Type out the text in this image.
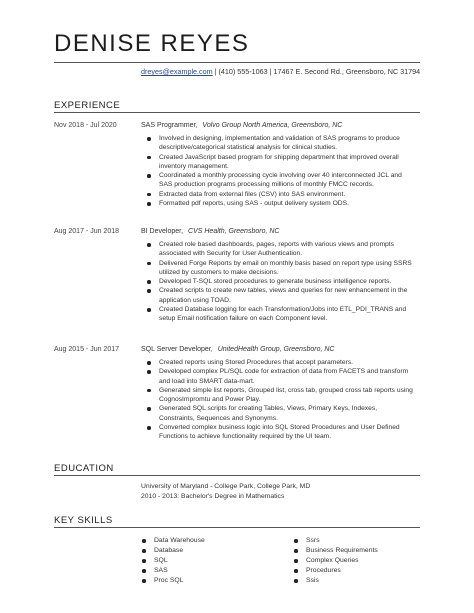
DENISE REYES
dreyes@example.com | (410) 555-1063 | 17467 E. Second Rd., Greensboro, NC 31794
EXPERIENCE
Nov 2018 - Jul 2020	SAS Programmer, Volvo Group North America, Greensboro, NC
Involved in designing, implementation and validation of SAS programs to produce descriptive/categorical statistical analysis for clinical studies.
Created JavaScript based program for shipping department that improved overall inventory management.
Coordinated a monthly processing cycle involving over 40 interconnected JCL and SAS production programs processing millions of monthly FMCC records.
Extracted data from external files (CSV) into SAS environment.
Formatted pdf reports, using SAS - output delivery system ODS.
Aug 2017 - Jun 2018	BI Developer, CVS Health, Greensboro, NC
Created role based dashboards, pages, reports with various views and prompts associated with Security for User Authentication.
Delivered Forge Reports by email on monthly basis based on report type using SSRS utilized by customers to make decisions.
Developed T-SQL stored procedures to generate business intelligence reports.
Created scripts to create new tables, views and queries for new enhancement in the application using TOAD.
Created Database logging for each Transformation/Jobs into ETL_PDI_TRANS and setup Email notification failure on each Component level.
Aug 2015 - Jun 2017	SQL Server Developer, UnitedHealth Group, Greensboro, NC
Created reports using Stored Procedures that accept parameters.
Developed complex PL/SQL code for extraction of data from FACETS and transform and load into SMART data-mart.
Generated simple list reports, Grouped list, cross tab, grouped cross tab reports using CognosImpromtu and Power Play.
Generated SQL scripts for creating Tables, Views, Primary Keys, Indexes, Constraints, Sequences and Synonyms.
Converted complex business logic into SQL Stored Procedures and User Defined Functions to achieve functionality required by the UI team.
EDUCATION
University of Maryland - College Park, College Park, MD
2010 - 2013: Bachelor's Degree in Mathematics
KEY SKILLS
Data Warehouse
Database
SQL
SAS
Proc SQL
Ssrs
Business Requirements
Complex Queries
Procedures
Ssis
